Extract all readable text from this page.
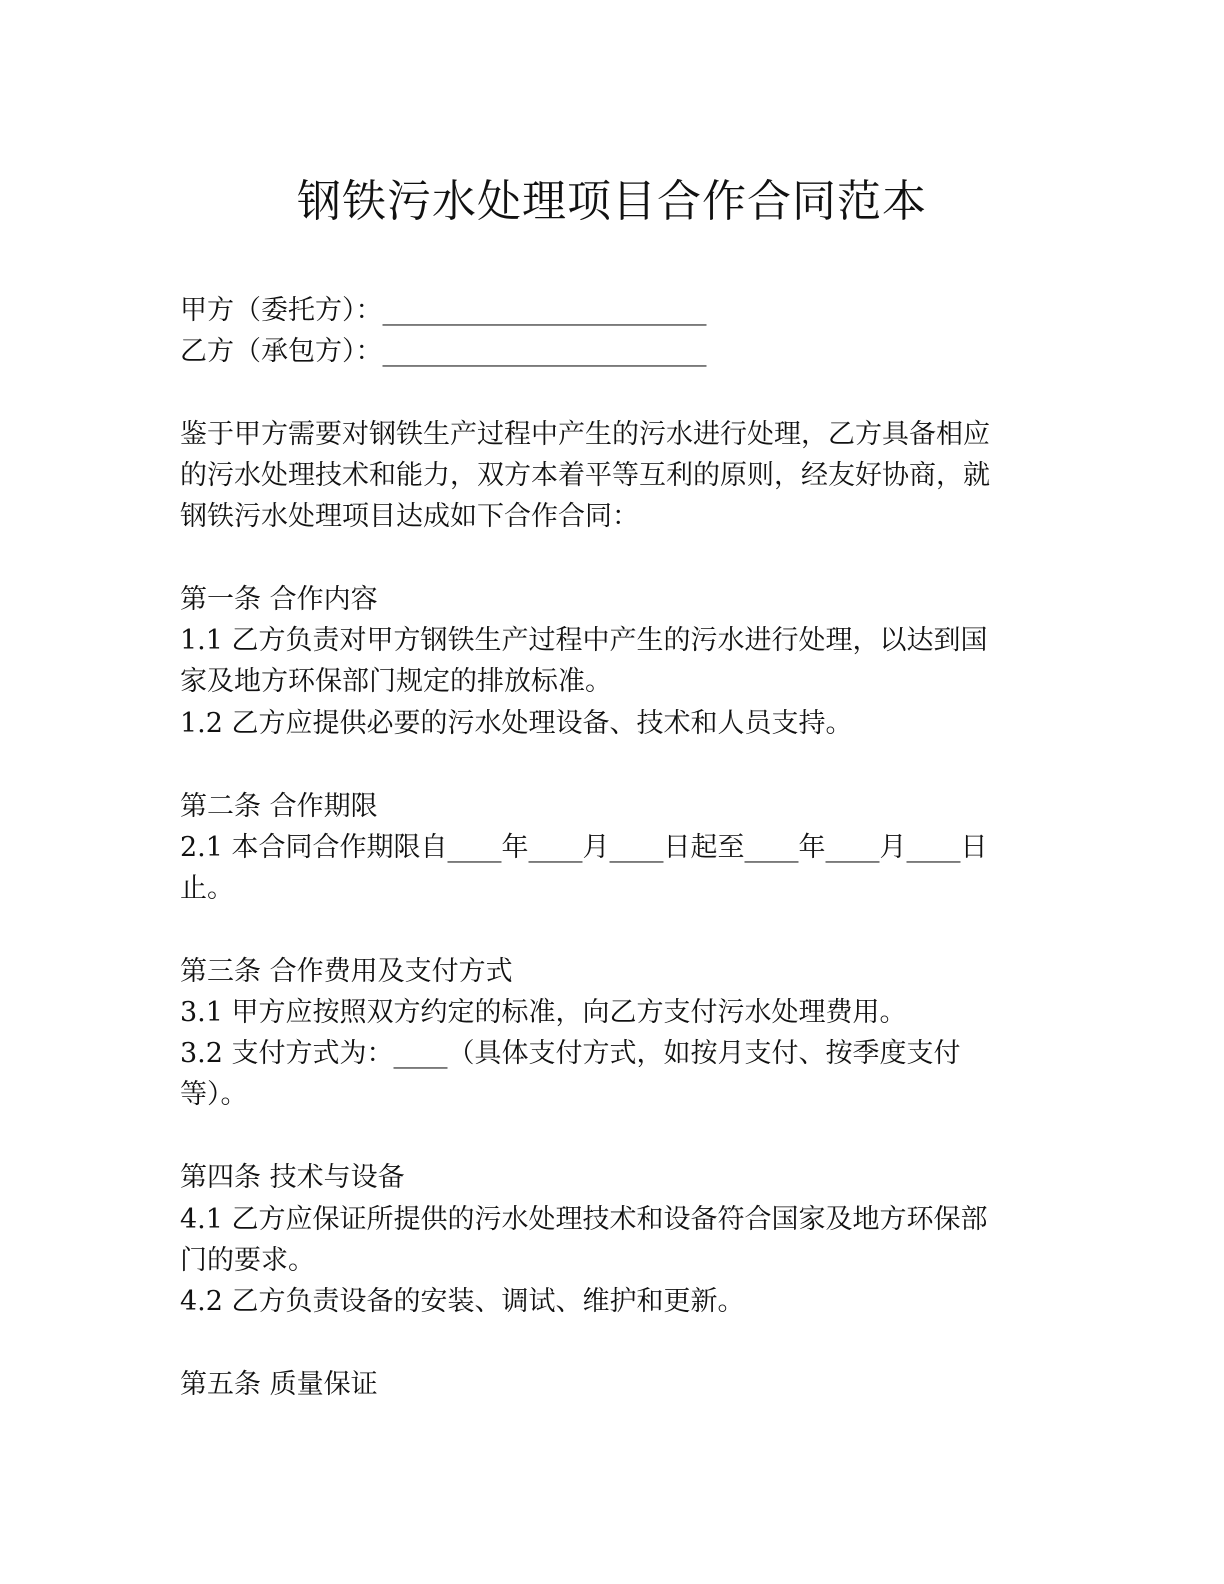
钢铁污水处理项目合作合同范本
甲方（委托方）：________________________
乙方（承包方）：________________________
鉴于甲方需要对钢铁生产过程中产生的污水进行处理，乙方具备相应
的污水处理技术和能力，双方本着平等互利的原则，经友好协商，就
钢铁污水处理项目达成如下合作合同：
第一条 合作内容
1.1 乙方负责对甲方钢铁生产过程中产生的污水进行处理，以达到国
家及地方环保部门规定的排放标准。
1.2 乙方应提供必要的污水处理设备、技术和人员支持。
第二条 合作期限
2.1 本合同合作期限自____年____月____日起至____年____月____日
止。
第三条 合作费用及支付方式
3.1 甲方应按照双方约定的标准，向乙方支付污水处理费用。
3.2 支付方式为：____（具体支付方式，如按月支付、按季度支付
等）。
第四条 技术与设备
4.1 乙方应保证所提供的污水处理技术和设备符合国家及地方环保部
门的要求。
4.2 乙方负责设备的安装、调试、维护和更新。
第五条 质量保证
